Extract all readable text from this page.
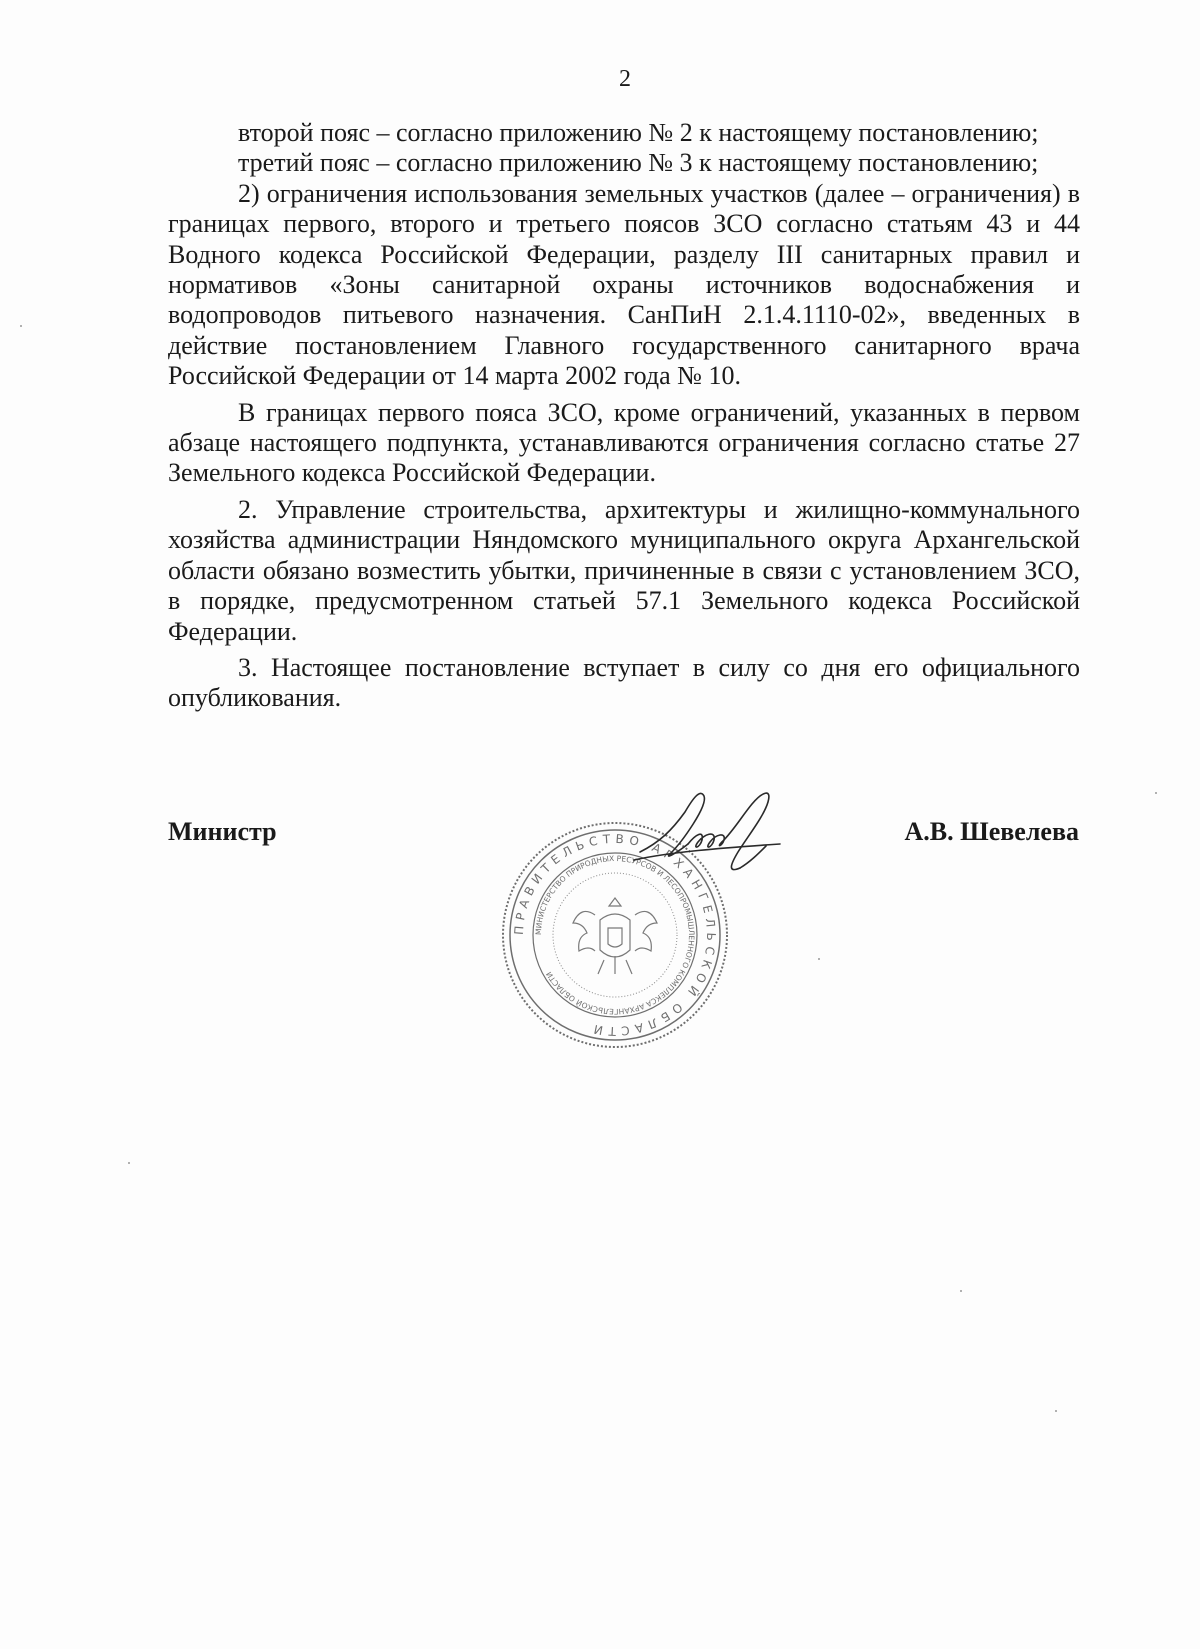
2

второй пояс – согласно приложению № 2 к настоящему постановлению;

третий пояс – согласно приложению № 3 к настоящему постановлению;

2) ограничения использования земельных участков (далее – ограничения) в границах первого, второго и третьего поясов ЗСО согласно статьям 43 и 44 Водного кодекса Российской Федерации, разделу III санитарных правил и нормативов «Зоны санитарной охраны источников водоснабжения и водопроводов питьевого назначения. СанПиН 2.1.4.1110-02», введенных в действие постановлением Главного государственного санитарного врача Российской Федерации от 14 марта 2002 года № 10.

В границах первого пояса ЗСО, кроме ограничений, указанных в первом абзаце настоящего подпункта, устанавливаются ограничения согласно статье 27 Земельного кодекса Российской Федерации.

2. Управление строительства, архитектуры и жилищно-коммунального хозяйства администрации Няндомского муниципального округа Архангельской области обязано возместить убытки, причиненные в связи с установлением ЗСО, в порядке, предусмотренном статьей 57.1 Земельного кодекса Российской Федерации.

3. Настоящее постановление вступает в силу со дня его официального опубликования.

Министр	А.В. Шевелева
ПРАВИТЕЛЬСТВО АРХАНГЕЛЬСКОЙ ОБЛАСТИ
МИНИСТЕРСТВО ПРИРОДНЫХ РЕСУРСОВ И ЛЕСОПРОМЫШЛЕННОГО КОМПЛЕКСА АРХАНГЕЛЬСКОЙ ОБЛАСТИ
